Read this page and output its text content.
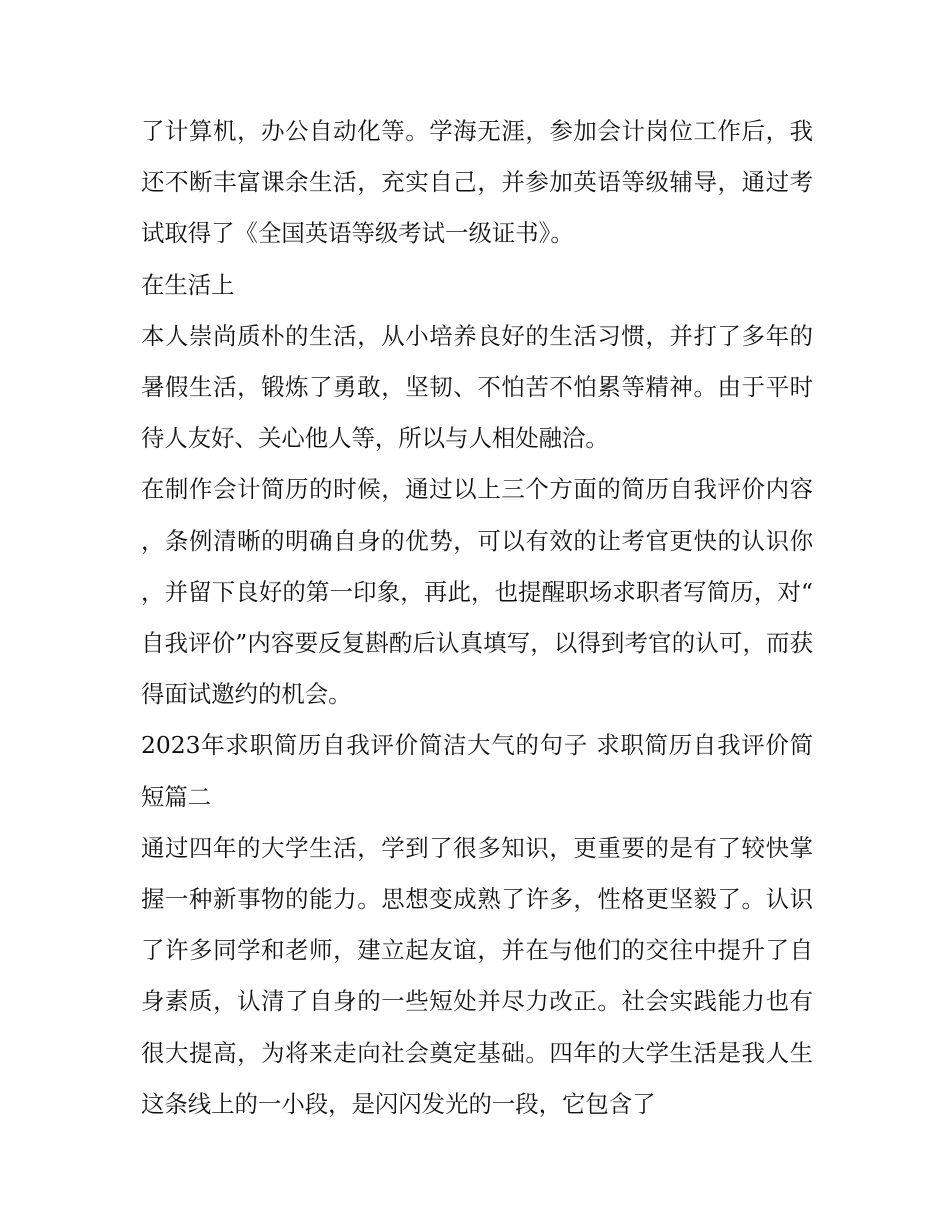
了计算机，办公自动化等。学海无涯，参加会计岗位工作后，我还不断丰富课余生活，充实自己，并参加英语等级辅导，通过考试取得了《全国英语等级考试一级证书》。

在生活上

本人崇尚质朴的生活，从小培养良好的生活习惯，并打了多年的暑假生活，锻炼了勇敢，坚韧、不怕苦不怕累等精神。由于平时待人友好、关心他人等，所以与人相处融洽。

在制作会计简历的时候，通过以上三个方面的简历自我评价内容，条例清晰的明确自身的优势，可以有效的让考官更快的认识你，并留下良好的第一印象，再此，也提醒职场求职者写简历，对“自我评价”内容要反复斟酌后认真填写，以得到考官的认可，而获得面试邀约的机会。

2023年求职简历自我评价简洁大气的句子 求职简历自我评价简短篇二

通过四年的大学生活，学到了很多知识，更重要的是有了较快掌握一种新事物的能力。思想变成熟了许多，性格更坚毅了。认识了许多同学和老师，建立起友谊，并在与他们的交往中提升了自身素质，认清了自身的一些短处并尽力改正。社会实践能力也有很大提高，为将来走向社会奠定基础。四年的大学生活是我人生这条线上的一小段，是闪闪发光的一段，它包含了
